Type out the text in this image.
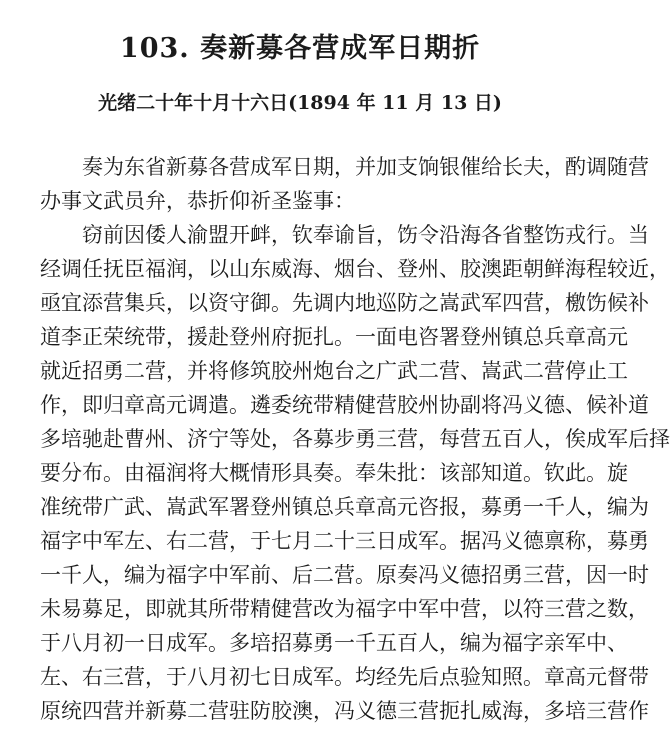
103. 奏新募各营成军日期折
光绪二十年十月十六日(1894 年 11 月 13 日)
奏为东省新募各营成军日期，并加支饷银催给长夫，酌调随营
办事文武员弁，恭折仰祈圣鉴事：
窃前因倭人渝盟开衅，钦奉谕旨，饬令沿海各省整饬戎行。当
经调任抚臣福润，以山东威海、烟台、登州、胶澳距朝鲜海程较近，
亟宜添营集兵，以资守御。先调内地巡防之嵩武军四营，檄饬候补
道李正荣统带，援赴登州府扼扎。一面电咨署登州镇总兵章高元
就近招勇二营，并将修筑胶州炮台之广武二营、嵩武二营停止工
作，即归章高元调遣。遴委统带精健营胶州协副将冯义德、候补道
多培驰赴曹州、济宁等处，各募步勇三营，每营五百人，俟成军后择
要分布。由福润将大概情形具奏。奉朱批：该部知道。钦此。旋
准统带广武、嵩武军署登州镇总兵章高元咨报，募勇一千人，编为
福字中军左、右二营，于七月二十三日成军。据冯义德禀称，募勇
一千人，编为福字中军前、后二营。原奏冯义德招勇三营，因一时
未易募足，即就其所带精健营改为福字中军中营，以符三营之数，
于八月初一日成军。多培招募勇一千五百人，编为福字亲军中、
左、右三营，于八月初七日成军。均经先后点验知照。章高元督带
原统四营并新募二营驻防胶澳，冯义德三营扼扎威海，多培三营作
